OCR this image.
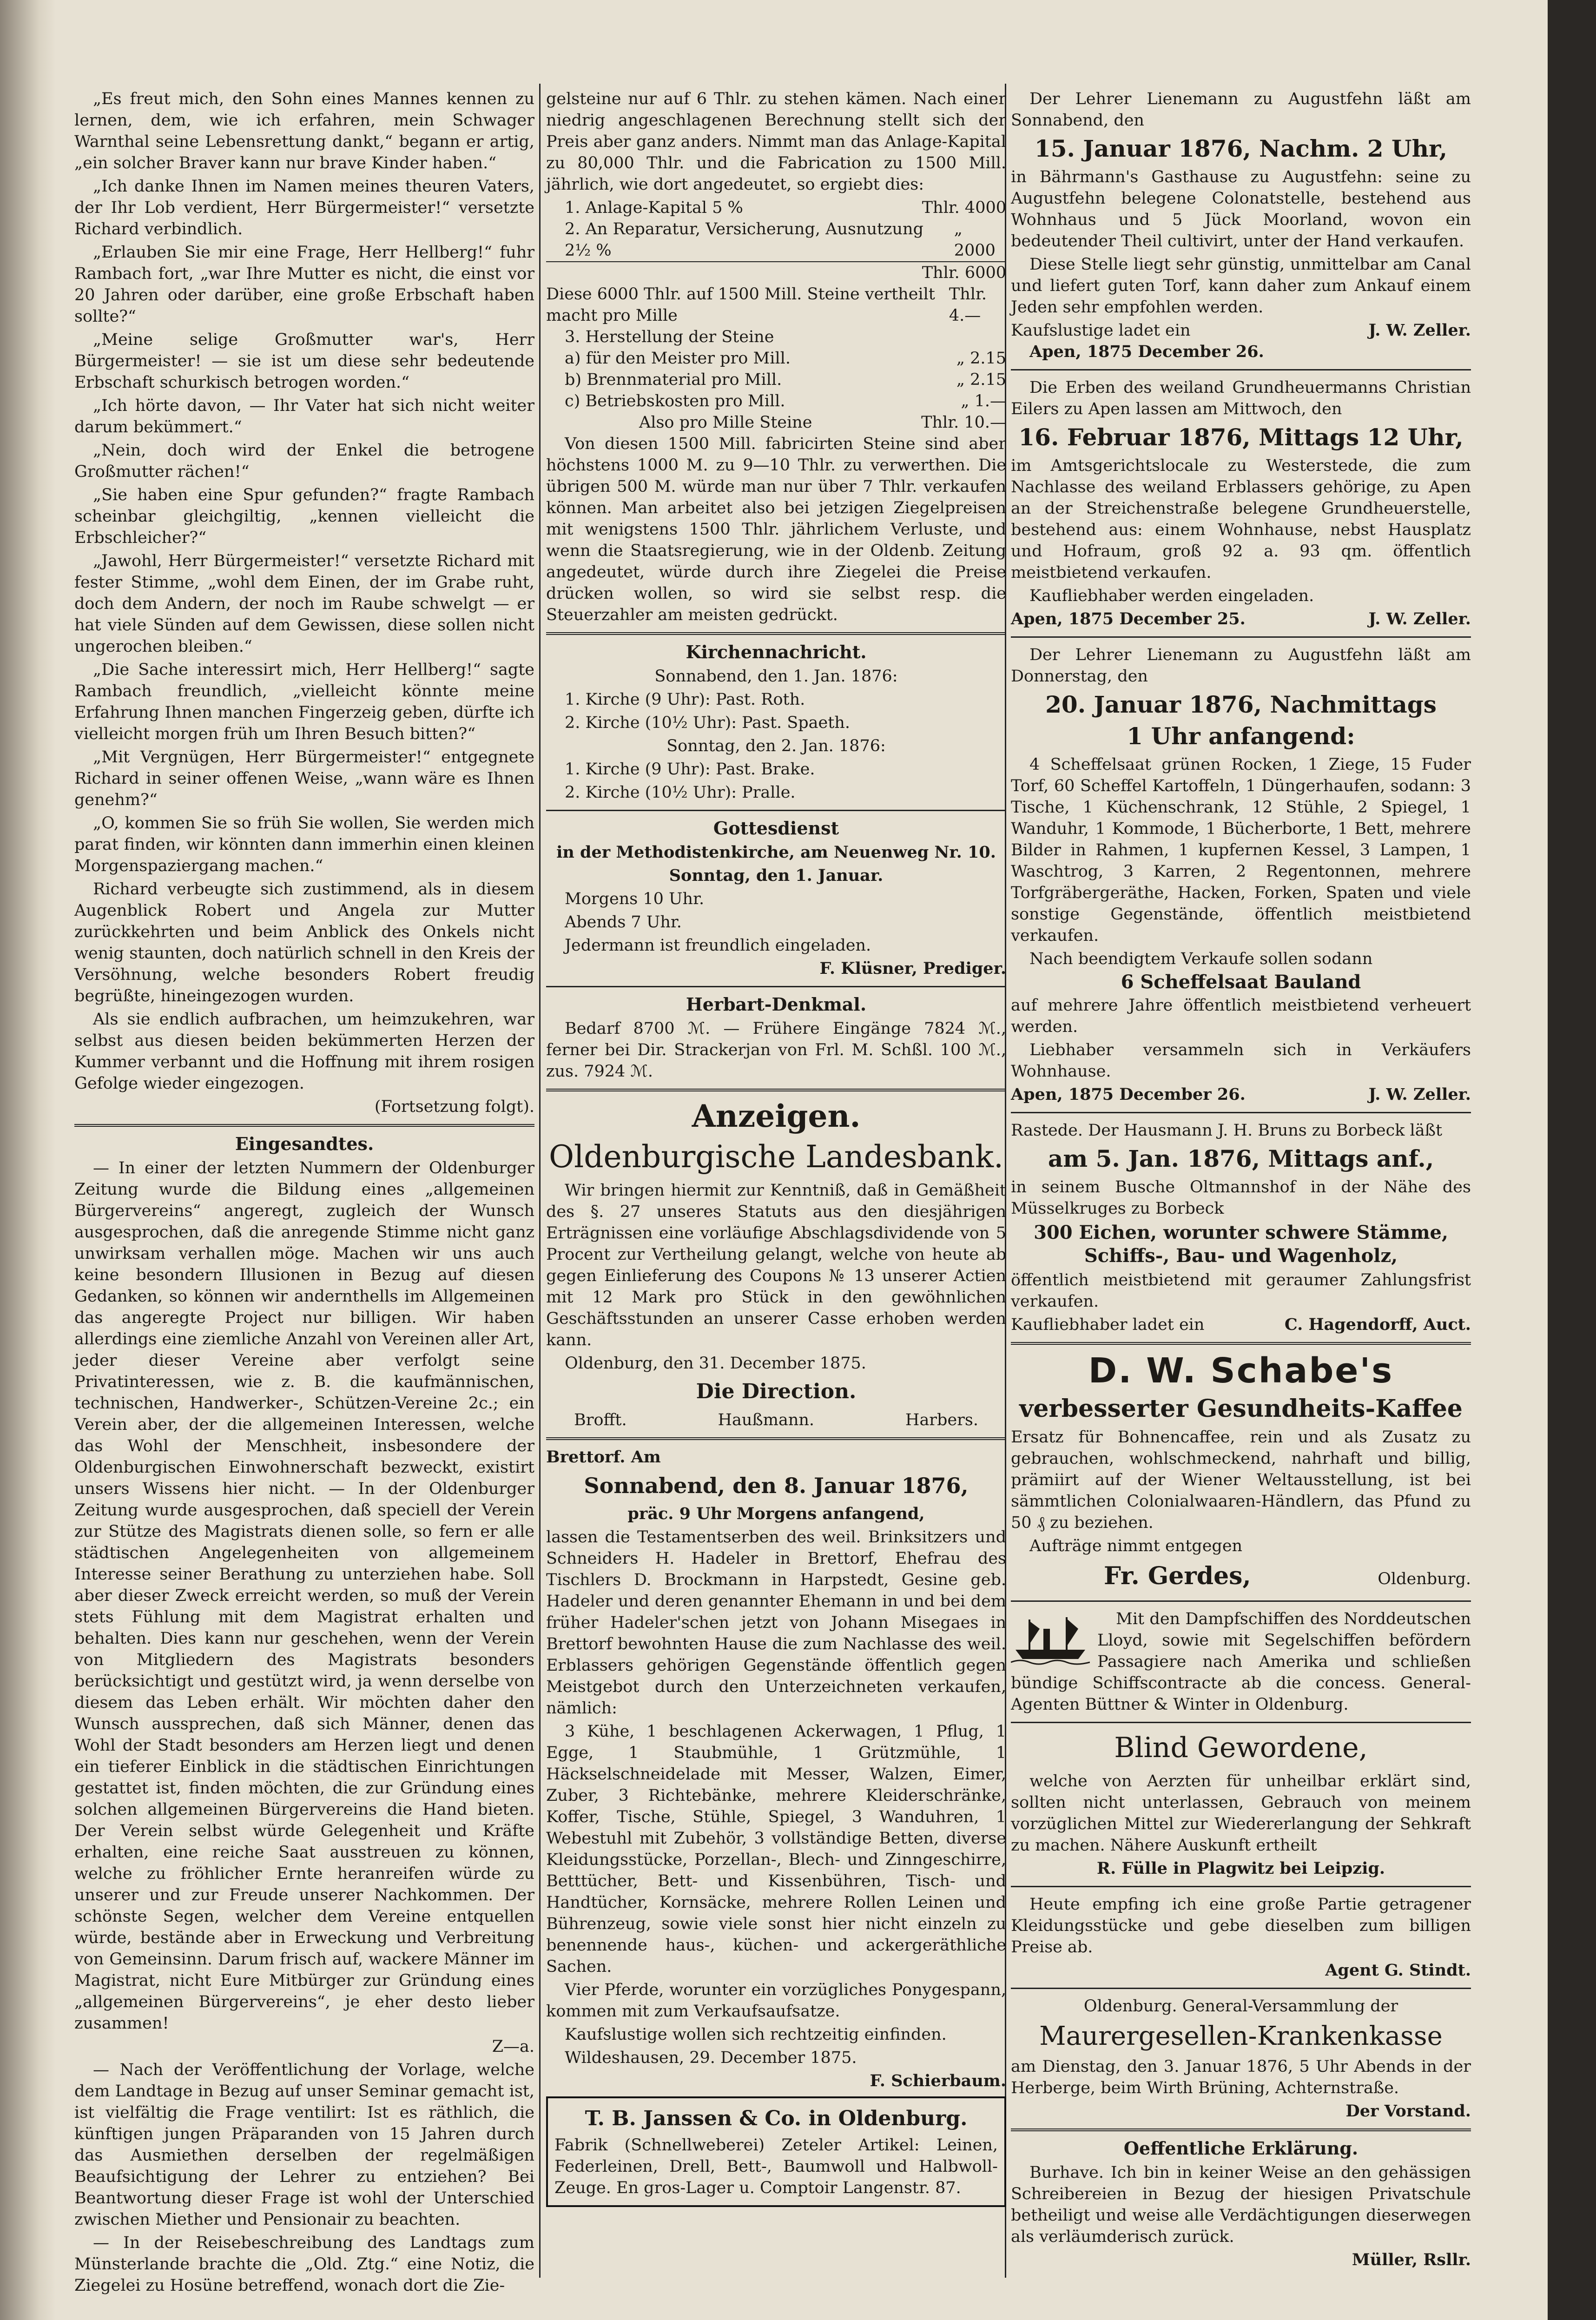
„Es freut mich, den Sohn eines Mannes kennen zu lernen, dem, wie ich erfahren, mein Schwager Warnthal seine Lebensrettung dankt,“ begann er artig, „ein solcher Braver kann nur brave Kinder haben.“

„Ich danke Ihnen im Namen meines theuren Vaters, der Ihr Lob verdient, Herr Bürgermeister!“ versetzte Richard verbindlich.

„Erlauben Sie mir eine Frage, Herr Hellberg!“ fuhr Rambach fort, „war Ihre Mutter es nicht, die einst vor 20 Jahren oder darüber, eine große Erbschaft haben sollte?“

„Meine selige Großmutter war's, Herr Bürgermeister! — sie ist um diese sehr bedeutende Erbschaft schurkisch betrogen worden.“

„Ich hörte davon, — Ihr Vater hat sich nicht weiter darum bekümmert.“

„Nein, doch wird der Enkel die betrogene Großmutter rächen!“

„Sie haben eine Spur gefunden?“ fragte Rambach scheinbar gleichgiltig, „kennen vielleicht die Erbschleicher?“

„Jawohl, Herr Bürgermeister!“ versetzte Richard mit fester Stimme, „wohl dem Einen, der im Grabe ruht, doch dem Andern, der noch im Raube schwelgt — er hat viele Sünden auf dem Gewissen, diese sollen nicht ungerochen bleiben.“

„Die Sache interessirt mich, Herr Hellberg!“ sagte Rambach freundlich, „vielleicht könnte meine Erfahrung Ihnen manchen Fingerzeig geben, dürfte ich vielleicht morgen früh um Ihren Besuch bitten?“

„Mit Vergnügen, Herr Bürgermeister!“ entgegnete Richard in seiner offenen Weise, „wann wäre es Ihnen genehm?“

„O, kommen Sie so früh Sie wollen, Sie werden mich parat finden, wir könnten dann immerhin einen kleinen Morgenspaziergang machen.“

Richard verbeugte sich zustimmend, als in diesem Augenblick Robert und Angela zur Mutter zurückkehrten und beim Anblick des Onkels nicht wenig staunten, doch natürlich schnell in den Kreis der Versöhnung, welche besonders Robert freudig begrüßte, hineingezogen wurden.

Als sie endlich aufbrachen, um heimzukehren, war selbst aus diesen beiden bekümmerten Herzen der Kummer verbannt und die Hoffnung mit ihrem rosigen Gefolge wieder eingezogen.

(Fortsetzung folgt).

Eingesandtes.

— In einer der letzten Nummern der Oldenburger Zeitung wurde die Bildung eines „allgemeinen Bürgervereins“ angeregt, zugleich der Wunsch ausgesprochen, daß die anregende Stimme nicht ganz unwirksam verhallen möge. Machen wir uns auch keine besondern Illusionen in Bezug auf diesen Gedanken, so können wir andernthells im Allgemeinen das angeregte Project nur billigen. Wir haben allerdings eine ziemliche Anzahl von Vereinen aller Art, jeder dieser Vereine aber verfolgt seine Privatinteressen, wie z. B. die kaufmännischen, technischen, Handwerker-, Schützen-Vereine 2c.; ein Verein aber, der die allgemeinen Interessen, welche das Wohl der Menschheit, insbesondere der Oldenburgischen Einwohnerschaft bezweckt, existirt unsers Wissens hier nicht. — In der Oldenburger Zeitung wurde ausgesprochen, daß speciell der Verein zur Stütze des Magistrats dienen solle, so fern er alle städtischen Angelegenheiten von allgemeinem Interesse seiner Berathung zu unterziehen habe. Soll aber dieser Zweck erreicht werden, so muß der Verein stets Fühlung mit dem Magistrat erhalten und behalten. Dies kann nur geschehen, wenn der Verein von Mitgliedern des Magistrats besonders berücksichtigt und gestützt wird, ja wenn derselbe von diesem das Leben erhält. Wir möchten daher den Wunsch aussprechen, daß sich Männer, denen das Wohl der Stadt besonders am Herzen liegt und denen ein tieferer Einblick in die städtischen Einrichtungen gestattet ist, finden möchten, die zur Gründung eines solchen allgemeinen Bürgervereins die Hand bieten. Der Verein selbst würde Gelegenheit und Kräfte erhalten, eine reiche Saat ausstreuen zu können, welche zu fröhlicher Ernte heranreifen würde zu unserer und zur Freude unserer Nachkommen. Der schönste Segen, welcher dem Vereine entquellen würde, bestände aber in Erweckung und Verbreitung von Gemeinsinn. Darum frisch auf, wackere Männer im Magistrat, nicht Eure Mitbürger zur Gründung eines „allgemeinen Bürgervereins“, je eher desto lieber zusammen!

Z—a.

— Nach der Veröffentlichung der Vorlage, welche dem Landtage in Bezug auf unser Seminar gemacht ist, ist vielfältig die Frage ventilirt: Ist es räthlich, die künftigen jungen Präparanden von 15 Jahren durch das Ausmiethen derselben der regelmäßigen Beaufsichtigung der Lehrer zu entziehen? Bei Beantwortung dieser Frage ist wohl der Unterschied zwischen Miether und Pensionair zu beachten.

— In der Reisebeschreibung des Landtags zum Münsterlande brachte die „Old. Ztg.“ eine Notiz, die Ziegelei zu Hosüne betreffend, wonach dort die Zie-

gelsteine nur auf 6 Thlr. zu stehen kämen. Nach einer niedrig angeschlagenen Berechnung stellt sich der Preis aber ganz anders. Nimmt man das Anlage-Kapital zu 80,000 Thlr. und die Fabrication zu 1500 Mill. jährlich, wie dort angedeutet, so ergiebt dies:

1. Anlage-Kapital 5 %	Thlr. 4000
2. An Reparatur, Versicherung, Ausnutzung 2½ %
„ 2000
Thlr. 6000
Diese 6000 Thlr. auf 1500 Mill. Steine vertheilt macht pro Mille
Thlr. 4.—
3. Herstellung der Steine
a) für den Meister pro Mill.	„ 2.15
b) Brennmaterial pro Mill.	„ 2.15
c) Betriebskosten pro Mill.	„ 1.—
Also pro Mille Steine	Thlr. 10.—

Von diesen 1500 Mill. fabricirten Steine sind aber höchstens 1000 M. zu 9—10 Thlr. zu verwerthen. Die übrigen 500 M. würde man nur über 7 Thlr. verkaufen können. Man arbeitet also bei jetzigen Ziegelpreisen mit wenigstens 1500 Thlr. jährlichem Verluste, und wenn die Staatsregierung, wie in der Oldenb. Zeitung angedeutet, würde durch ihre Ziegelei die Preise drücken wollen, so wird sie selbst resp. die Steuerzahler am meisten gedrückt.

Kirchennachricht.

Sonnabend, den 1. Jan. 1876:

1. Kirche (9 Uhr): Past. Roth.

2. Kirche (10½ Uhr): Past. Spaeth.

Sonntag, den 2. Jan. 1876:

1. Kirche (9 Uhr): Past. Brake.

2. Kirche (10½ Uhr): Pralle.

Gottesdienst

in der Methodistenkirche, am Neuenweg Nr. 10.

Sonntag, den 1. Januar.

Morgens 10 Uhr.

Abends 7 Uhr.

Jedermann ist freundlich eingeladen.

F. Klüsner, Prediger.

Herbart-Denkmal.

Bedarf 8700 ℳ. — Frühere Eingänge 7824 ℳ., ferner bei Dir. Strackerjan von Frl. M. Schßl. 100 ℳ., zus. 7924 ℳ.

Anzeigen.
Oldenburgische Landesbank.

Wir bringen hiermit zur Kenntniß, daß in Gemäßheit des §. 27 unseres Statuts aus den diesjährigen Erträgnissen eine vorläufige Abschlagsdividende von 5 Procent zur Vertheilung gelangt, welche von heute ab gegen Einlieferung des Coupons № 13 unserer Actien mit 12 Mark pro Stück in den gewöhnlichen Geschäftsstunden an unserer Casse erhoben werden kann.

Oldenburg, den 31. December 1875.

Die Direction.
Brofft.	Haußmann.	Harbers.

Brettorf. Am

Sonnabend, den 8. Januar 1876,

präc. 9 Uhr Morgens anfangend,

lassen die Testamentserben des weil. Brinksitzers und Schneiders H. Hadeler in Brettorf, Ehefrau des Tischlers D. Brockmann in Harpstedt, Gesine geb. Hadeler und deren genannter Ehemann in und bei dem früher Hadeler'schen jetzt von Johann Misegaes in Brettorf bewohnten Hause die zum Nachlasse des weil. Erblassers gehörigen Gegenstände öffentlich gegen Meistgebot durch den Unterzeichneten verkaufen, nämlich:

3 Kühe, 1 beschlagenen Ackerwagen, 1 Pflug, 1 Egge, 1 Staubmühle, 1 Grützmühle, 1 Häckselschneidelade mit Messer, Walzen, Eimer, Zuber, 3 Richtebänke, mehrere Kleiderschränke, Koffer, Tische, Stühle, Spiegel, 3 Wanduhren, 1 Webestuhl mit Zubehör, 3 vollständige Betten, diverse Kleidungsstücke, Porzellan-, Blech- und Zinngeschirre, Betttücher, Bett- und Kissenbühren, Tisch- und Handtücher, Kornsäcke, mehrere Rollen Leinen und Bührenzeug, sowie viele sonst hier nicht einzeln zu benennende haus-, küchen- und ackergeräthliche Sachen.

Vier Pferde, worunter ein vorzügliches Ponygespann, kommen mit zum Verkaufsaufsatze.

Kaufslustige wollen sich rechtzeitig einfinden.

Wildeshausen, 29. December 1875.

F. Schierbaum.

T. B. Janssen & Co. in Oldenburg.

Fabrik (Schnellweberei) Zeteler Artikel: Leinen, Federleinen, Drell, Bett-, Baumwoll und Halbwoll-Zeuge. En gros-Lager u. Comptoir Langenstr. 87.

Der Lehrer Lienemann zu Augustfehn läßt am Sonnabend, den

15. Januar 1876, Nachm. 2 Uhr,

in Bährmann's Gasthause zu Augustfehn: seine zu Augustfehn belegene Colonatstelle, bestehend aus Wohnhaus und 5 Jück Moorland, wovon ein bedeutender Theil cultivirt, unter der Hand verkaufen.

Diese Stelle liegt sehr günstig, unmittelbar am Canal und liefert guten Torf, kann daher zum Ankauf einem Jeden sehr empfohlen werden.

Kaufslustige ladet ein	J. W. Zeller.

Apen, 1875 December 26.

Die Erben des weiland Grundheuermanns Christian Eilers zu Apen lassen am Mittwoch, den

16. Februar 1876, Mittags 12 Uhr,

im Amtsgerichtslocale zu Westerstede, die zum Nachlasse des weiland Erblassers gehörige, zu Apen an der Streichenstraße belegene Grundheuerstelle, bestehend aus: einem Wohnhause, nebst Hausplatz und Hofraum, groß 92 a. 93 qm. öffentlich meistbietend verkaufen.

Kaufliebhaber werden eingeladen.

Apen, 1875 December 25.	J. W. Zeller.

Der Lehrer Lienemann zu Augustfehn läßt am Donnerstag, den

20. Januar 1876, Nachmittags
1 Uhr anfangend:

4 Scheffelsaat grünen Rocken, 1 Ziege, 15 Fuder Torf, 60 Scheffel Kartoffeln, 1 Düngerhaufen, sodann: 3 Tische, 1 Küchenschrank, 12 Stühle, 2 Spiegel, 1 Wanduhr, 1 Kommode, 1 Bücherborte, 1 Bett, mehrere Bilder in Rahmen, 1 kupfernen Kessel, 3 Lampen, 1 Waschtrog, 3 Karren, 2 Regentonnen, mehrere Torfgräbergeräthe, Hacken, Forken, Spaten und viele sonstige Gegenstände, öffentlich meistbietend verkaufen.

Nach beendigtem Verkaufe sollen sodann

6 Scheffelsaat Bauland

auf mehrere Jahre öffentlich meistbietend verheuert werden.

Liebhaber versammeln sich in Verkäufers Wohnhause.

Apen, 1875 December 26.	J. W. Zeller.

Rastede. Der Hausmann J. H. Bruns zu Borbeck läßt

am 5. Jan. 1876, Mittags anf.,

in seinem Busche Oltmannshof in der Nähe des Müsselkruges zu Borbeck

300 Eichen, worunter schwere Stämme, Schiffs-, Bau- und Wagenholz,

öffentlich meistbietend mit geraumer Zahlungsfrist verkaufen.

Kaufliebhaber ladet ein	C. Hagendorff, Auct.
D. W. Schabe's
verbesserter Gesundheits-Kaffee

Ersatz für Bohnencaffee, rein und als Zusatz zu gebrauchen, wohlschmeckend, nahrhaft und billig, prämiirt auf der Wiener Weltausstellung, ist bei sämmtlichen Colonialwaaren-Händlern, das Pfund zu 50 ₰ zu beziehen.

Aufträge nimmt entgegen

Fr. Gerdes,	Oldenburg.

Mit den Dampfschiffen des Norddeutschen Lloyd, sowie mit Segelschiffen befördern Passagiere nach Amerika und schließen bündige Schiffscontracte ab die concess. General-Agenten Büttner & Winter in Oldenburg.

Blind Gewordene,

welche von Aerzten für unheilbar erklärt sind, sollten nicht unterlassen, Gebrauch von meinem vorzüglichen Mittel zur Wiedererlangung der Sehkraft zu machen. Nähere Auskunft ertheilt

R. Fülle in Plagwitz bei Leipzig.

Heute empfing ich eine große Partie getragener Kleidungsstücke und gebe dieselben zum billigen Preise ab.

Agent G. Stindt.

Oldenburg. General-Versammlung der

Maurergesellen-Krankenkasse

am Dienstag, den 3. Januar 1876, 5 Uhr Abends in der Herberge, beim Wirth Brüning, Achternstraße.

Der Vorstand.

Oeffentliche Erklärung.

Burhave. Ich bin in keiner Weise an den gehässigen Schreibereien in Bezug der hiesigen Privatschule betheiligt und weise alle Verdächtigungen dieserwegen als verläumderisch zurück.

Müller, Rsllr.
